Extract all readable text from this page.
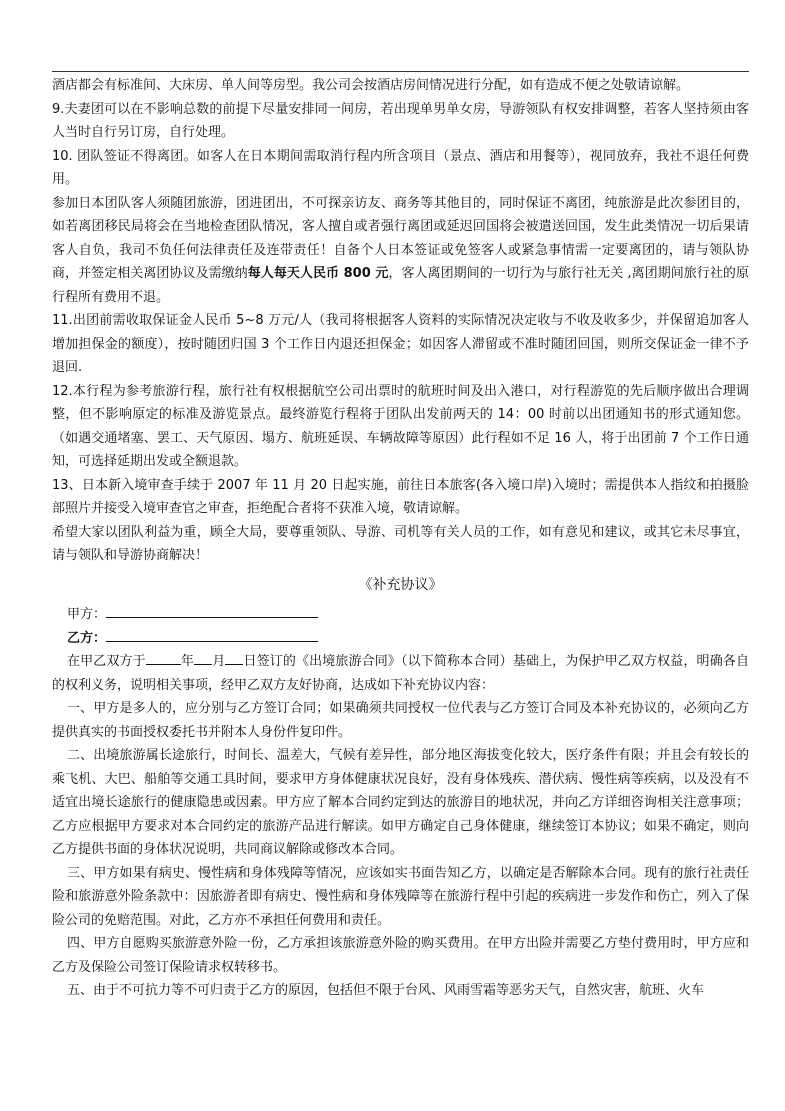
酒店都会有标准间、大床房、单人间等房型。我公司会按酒店房间情况进行分配，如有造成不便之处敬请谅解。

9.夫妻团可以在不影响总数的前提下尽量安排同一间房，若出现单男单女房，导游领队有权安排调整，若客人坚持须由客人当时自行另订房，自行处理。

10. 团队签证不得离团。如客人在日本期间需取消行程内所含项目（景点、酒店和用餐等），视同放弃，我社不退任何费用。

参加日本团队客人须随团旅游，团进团出，不可探亲访友、商务等其他目的，同时保证不离团，纯旅游是此次参团目的，如若离团移民局将会在当地检查团队情况，客人擅自或者强行离团或延迟回国将会被遣送回国，发生此类情况一切后果请客人自负，我司不负任何法律责任及连带责任！自备个人日本签证或免签客人或紧急事情需一定要离团的，请与领队协商，并签定相关离团协议及需缴纳每人每天人民币 800 元，客人离团期间的一切行为与旅行社无关 ,离团期间旅行社的原行程所有费用不退。

11.出团前需收取保证金人民币 5~8 万元/人（我司将根据客人资料的实际情况决定收与不收及收多少，并保留追加客人增加担保金的额度），按时随团归国 3 个工作日内退还担保金；如因客人滞留或不准时随团回国，则所交保证金一律不予退回.

12.本行程为参考旅游行程，旅行社有权根据航空公司出票时的航班时间及出入港口，对行程游览的先后顺序做出合理调整，但不影响原定的标准及游览景点。最终游览行程将于团队出发前两天的 14：00 时前以出团通知书的形式通知您。（如遇交通堵塞、罢工、天气原因、塌方、航班延误、车辆故障等原因）此行程如不足 16 人，将于出团前 7 个工作日通知，可选择延期出发或全额退款。

13、日本新入境审查手续于 2007 年 11 月 20 日起实施，前往日本旅客(各入境口岸)入境时；需提供本人指纹和拍摄脸部照片并接受入境审查官之审查，拒绝配合者将不获准入境，敬请谅解。

希望大家以团队利益为重，顾全大局，要尊重领队、导游、司机等有关人员的工作，如有意见和建议，或其它未尽事宜，请与领队和导游协商解决！

《补充协议》

甲方：

乙方：

在甲乙双方于	年 月 日签订的《出境旅游合同》（以下简称本合同）基础上，为保护甲乙双方权益，明确各自的权利义务，说明相关事项，经甲乙双方友好协商，达成如下补充协议内容：

一、甲方是多人的，应分别与乙方签订合同；如果确须共同授权一位代表与乙方签订合同及本补充协议的，必须向乙方提供真实的书面授权委托书并附本人身份件复印件。

二、出境旅游属长途旅行，时间长、温差大，气候有差异性，部分地区海拔变化较大，医疗条件有限；并且会有较长的乘飞机、大巴、船舶等交通工具时间，要求甲方身体健康状况良好，没有身体残疾、潜伏病、慢性病等疾病，以及没有不适宜出境长途旅行的健康隐患或因素。甲方应了解本合同约定到达的旅游目的地状况，并向乙方详细咨询相关注意事项；乙方应根据甲方要求对本合同约定的旅游产品进行解读。如甲方确定自己身体健康，继续签订本协议；如果不确定，则向乙方提供书面的身体状况说明，共同商议解除或修改本合同。

三、甲方如果有病史、慢性病和身体残障等情况，应该如实书面告知乙方，以确定是否解除本合同。现有的旅行社责任险和旅游意外险条款中：因旅游者即有病史、慢性病和身体残障等在旅游行程中引起的疾病进一步发作和伤亡，列入了保险公司的免赔范围。对此，乙方亦不承担任何费用和责任。

四、甲方自愿购买旅游意外险一份，乙方承担该旅游意外险的购买费用。在甲方出险并需要乙方垫付费用时，甲方应和乙方及保险公司签订保险请求权转移书。

五、由于不可抗力等不可归责于乙方的原因，包括但不限于台风、风雨雪霜等恶劣天气，自然灾害，航班、火车
